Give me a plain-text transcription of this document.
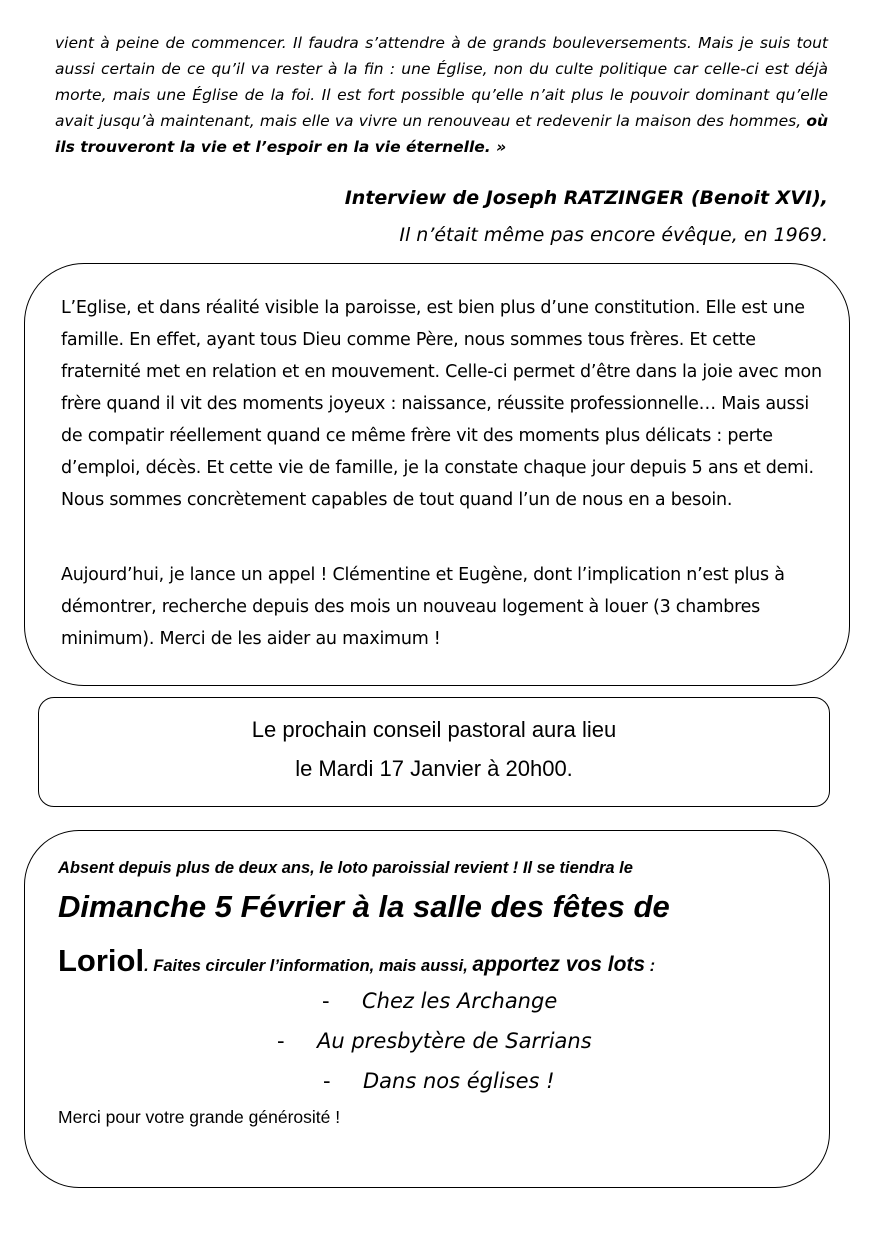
vient à peine de commencer. Il faudra s’attendre à de grands bouleversements. Mais je suis tout aussi certain de ce qu’il va rester à la fin : une Église, non du culte politique car celle-ci est déjà morte, mais une Église de la foi. Il est fort possible qu’elle n’ait plus le pouvoir dominant qu’elle avait jusqu’à maintenant, mais elle va vivre un renouveau et redevenir la maison des hommes, où ils trouveront la vie et l’espoir en la vie éternelle. »

Interview de Joseph RATZINGER (Benoit XVI),

Il n’était même pas encore évêque, en 1969.

L’Eglise, et dans réalité visible la paroisse, est bien plus d’une constitution. Elle est une famille. En effet, ayant tous Dieu comme Père, nous sommes tous frères. Et cette fraternité met en relation et en mouvement. Celle-ci permet d’être dans la joie avec mon frère quand il vit des moments joyeux : naissance, réussite professionnelle… Mais aussi de compatir réellement quand ce même frère vit des moments plus délicats : perte d’emploi, décès. Et cette vie de famille, je la constate chaque jour depuis 5 ans et demi. Nous sommes concrètement capables de tout quand l’un de nous en a besoin.

Aujourd’hui, je lance un appel ! Clémentine et Eugène, dont l’implication n’est plus à démontrer, recherche depuis des mois un nouveau logement à louer (3 chambres minimum). Merci de les aider au maximum !

Le prochain conseil pastoral aura lieu
le Mardi 17 Janvier à 20h00.

Absent depuis plus de deux ans, le loto paroissial revient ! Il se tiendra le

Dimanche 5 Février à la salle des fêtes de

Loriol. Faites circuler l’information, mais aussi, apportez vos lots :

- Chez les Archange

- Au presbytère de Sarrians

- Dans nos églises !

Merci pour votre grande générosité !
